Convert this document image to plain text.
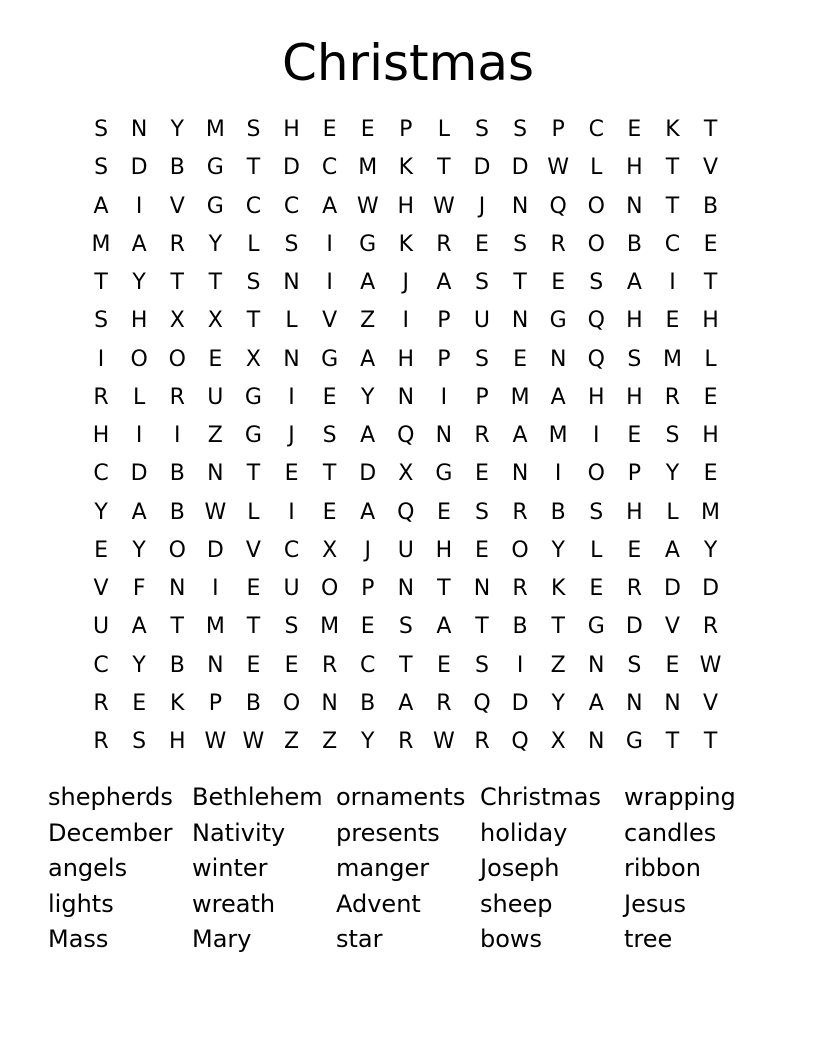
Christmas
S	N	Y M S	H	E	E	P	L	S	S	P	C	E	K	T
S	D	B	G	T	D C M K	T	D D W L	H	T	V
A	I	V	G C	C	A W H W	J	N Q O N	T	B
M A	R	Y	L	S	I	G	K	R	E	S	R O B	C	E
T	Y	T	T	S	N	I	A	J	A	S	T	E	S	A	I	T
S	H	X	X	T	L	V	Z	I	P	U N G Q H	E	H
I	O O	E	X	N G	A	H	P	S	E	N Q	S M	L
R	L	R	U G	I	E	Y	N	I	P M A	H H	R	E
H	I	I	Z	G	J	S	A Q N	R	A M	I	E	S	H
C D	B	N	T	E	T	D	X	G	E	N	I	O	P	Y	E
Y	A	B W L	I	E	A Q	E	S	R	B	S	H	L	M
E	Y	O D	V	C	X	J	U H	E	O	Y	L	E	A	Y
V	F	N	I	E	U O	P	N	T	N	R	K	E	R D D
U	A	T M T	S M E	S	A	T	B	T	G D	V	R
C	Y	B	N	E	E	R	C	T	E	S	I	Z	N	S	E W
R	E	K	P	B O N	B	A	R Q D	Y	A	N N	V
R	S	H W W Z	Z	Y	R W R Q X	N G	T	T
shepherds Bethlehem ornaments Christmas wrapping
December Nativity	presents	holiday	candles
angels	winter	manger	Joseph	ribbon
lights	wreath	Advent	sheep	Jesus
Mass	Mary	star	bows	tree
